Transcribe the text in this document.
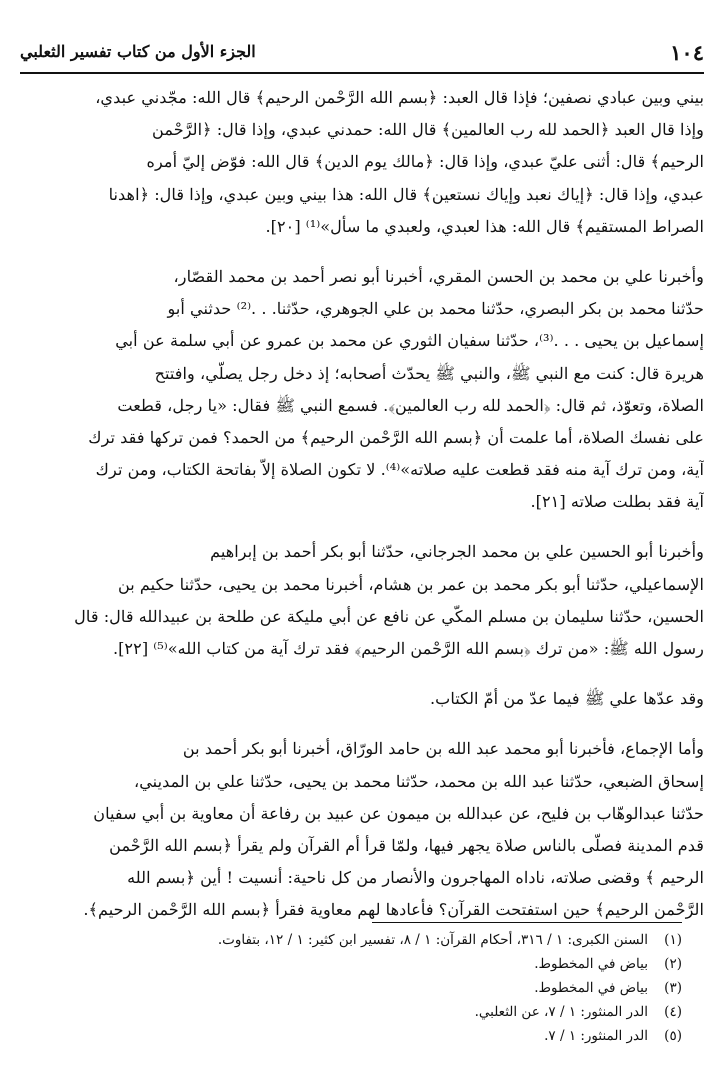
١٠٤
الجزء الأول من كتاب تفسير الثعلبي
بيني وبين عبادي نصفين؛ فإذا قال العبد: ﴿بسم الله الرَّحْمن الرحيم﴾ قال الله: مجّدني عبدي،
وإذا قال العبد ﴿الحمد لله رب العالمين﴾ قال الله: حمدني عبدي، وإذا قال: ﴿الرَّحْمن
الرحيم﴾ قال: أثنى عليّ عبدي، وإذا قال: ﴿مالك يوم الدين﴾ قال الله: فوّض إليّ أمره
عبدي، وإذا قال: ﴿إياك نعبد وإياك نستعين﴾ قال الله: هذا بيني وبين عبدي، وإذا قال: ﴿اهدنا
الصراط المستقيم﴾ قال الله: هذا لعبدي، ولعبدي ما سأل»⁽¹⁾ [٢٠].
وأخبرنا علي بن محمد بن الحسن المقري، أخبرنا أبو نصر أحمد بن محمد القصّار،
حدّثنا محمد بن بكر البصري، حدّثنا محمد بن علي الجوهري، حدّثنا. . .⁽²⁾ حدثني أبو
إسماعيل بن يحيى . . .⁽³⁾، حدّثنا سفيان الثوري عن محمد بن عمرو عن أبي سلمة عن أبي
هريرة قال: كنت مع النبي ﷺ، والنبي ﷺ يحدّث أصحابه؛ إذ دخل رجل يصلّي، وافتتح
الصلاة، وتعوّذ، ثم قال: ﴿الحمد لله رب العالمين﴾. فسمع النبي ﷺ فقال: «يا رجل، قطعت
على نفسك الصلاة، أما علمت أن ﴿بسم الله الرَّحْمن الرحيم﴾ من الحمد؟ فمن تركها فقد ترك
آية، ومن ترك آية منه فقد قطعت عليه صلاته»⁽⁴⁾. لا تكون الصلاة إلاّ بفاتحة الكتاب، ومن ترك
آية فقد بطلت صلاته [٢١].
وأخبرنا أبو الحسين علي بن محمد الجرجاني، حدّثنا أبو بكر أحمد بن إبراهيم
الإسماعيلي، حدّثنا أبو بكر محمد بن عمر بن هشام، أخبرنا محمد بن يحيى، حدّثنا حكيم بن
الحسين، حدّثنا سليمان بن مسلم المكّي عن نافع عن أبي مليكة عن طلحة بن عبيدالله قال: قال
رسول الله ﷺ: «من ترك ﴿بسم الله الرَّحْمن الرحيم﴾ فقد ترك آية من كتاب الله»⁽⁵⁾ [٢٢].
وقد عدّها علي ﷺ فيما عدّ من أمّ الكتاب.
وأما الإجماع، فأخبرنا أبو محمد عبد الله بن حامد الورّاق، أخبرنا أبو بكر أحمد بن
إسحاق الضبعي، حدّثنا عبد الله بن محمد، حدّثنا محمد بن يحيى، حدّثنا علي بن المديني،
حدّثنا عبدالوهّاب بن فليح، عن عبدالله بن ميمون عن عبيد بن رفاعة أن معاوية بن أبي سفيان
قدم المدينة فصلّى بالناس صلاة يجهر فيها، ولمّا قرأ أم القرآن ولم يقرأ ﴿بسم الله الرَّحْمن
الرحيم ﴾ وقضى صلاته، ناداه المهاجرون والأنصار من كل ناحية: أنسيت ! أين ﴿بسم الله
الرَّحْمن الرحيم﴾ حين استفتحت القرآن؟ فأعادها لهم معاوية فقرأ ﴿بسم الله الرَّحْمن الرحيم﴾.
(١)السنن الكبرى: ١ / ٣١٦، أحكام القرآن: ١ / ٨، تفسير ابن كثير: ١ / ١٢، بتفاوت.
(٢)بياض في المخطوط.
(٣)بياض في المخطوط.
(٤)الدر المنثور: ١ / ٧، عن الثعلبي.
(٥)الدر المنثور: ١ / ٧.
